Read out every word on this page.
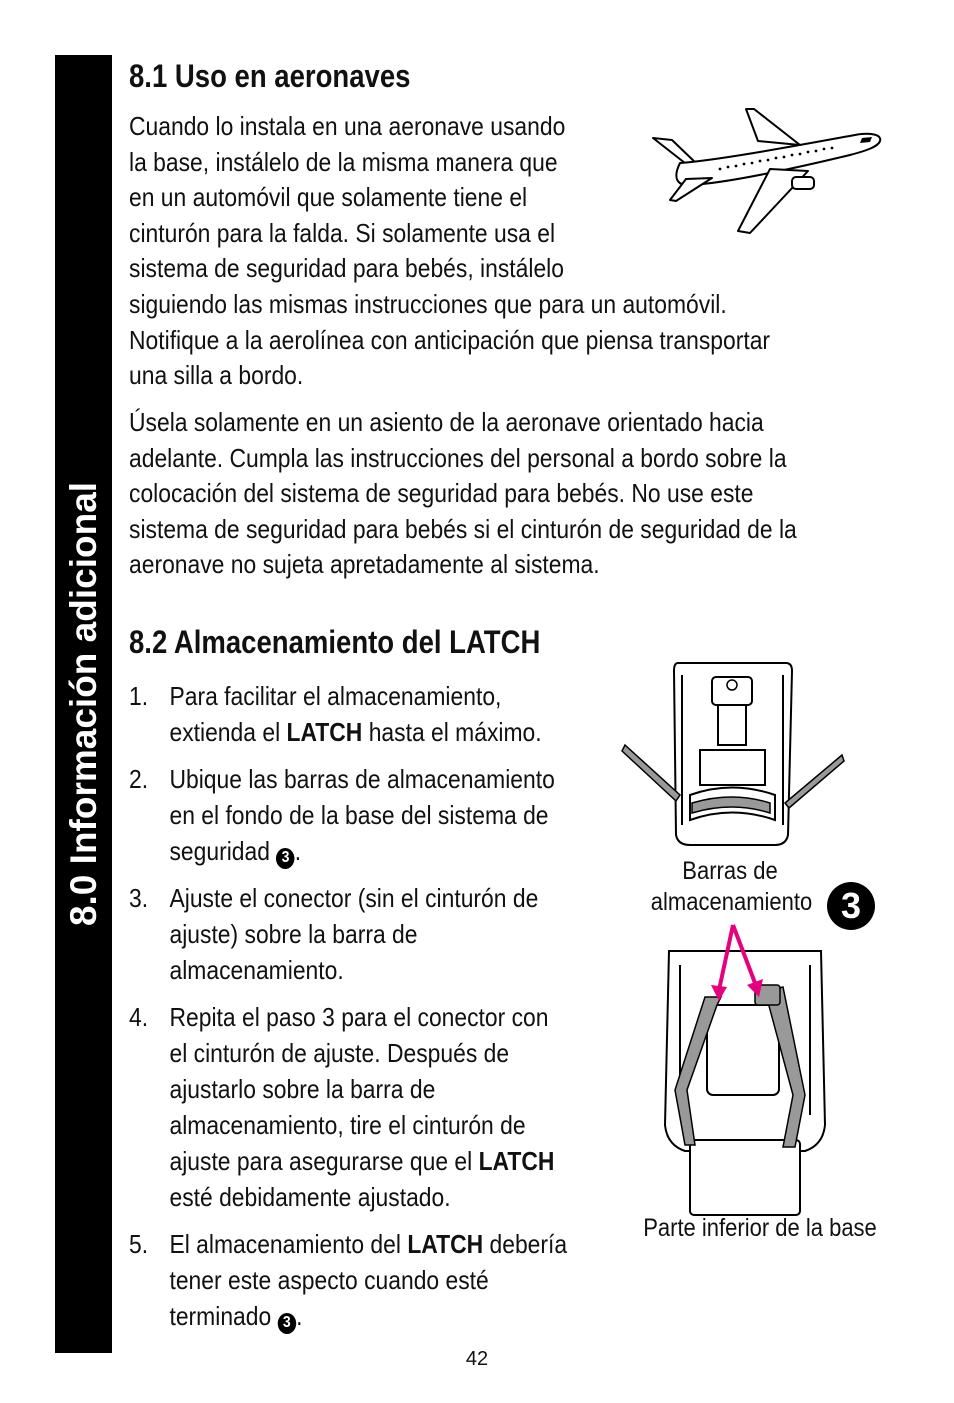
8.0 Información adicional
8.1 Uso en aeronaves
Cuando lo instala en una aeronave usando
la base, instálelo de la misma manera que
en un automóvil que solamente tiene el
cinturón para la falda. Si solamente usa el
sistema de seguridad para bebés, instálelo
siguiendo las mismas instrucciones que para un automóvil.
Notifique a la aerolínea con anticipación que piensa transportar
una silla a bordo.
Úsela solamente en un asiento de la aeronave orientado hacia
adelante. Cumpla las instrucciones del personal a bordo sobre la
colocación del sistema de seguridad para bebés. No use este
sistema de seguridad para bebés si el cinturón de seguridad de la
aeronave no sujeta apretadamente al sistema.
8.2 Almacenamiento del LATCH
1. Para facilitar el almacenamiento, extienda el LATCH hasta el máximo.
2. Ubique las barras de almacenamiento en el fondo de la base del sistema de seguridad 3 .
3. Ajuste el conector (sin el cinturón de ajuste) sobre la barra de almacenamiento.
4. Repita el paso 3 para el conector con el cinturón de ajuste. Después de ajustarlo sobre la barra de almacenamiento, tire el cinturón de ajuste para asegurarse que el LATCH esté debidamente ajustado.
5. El almacenamiento del LATCH debería tener este aspecto cuando esté terminado 3 .
Barras de
almacenamiento 3
Parte inferior de la base
42
